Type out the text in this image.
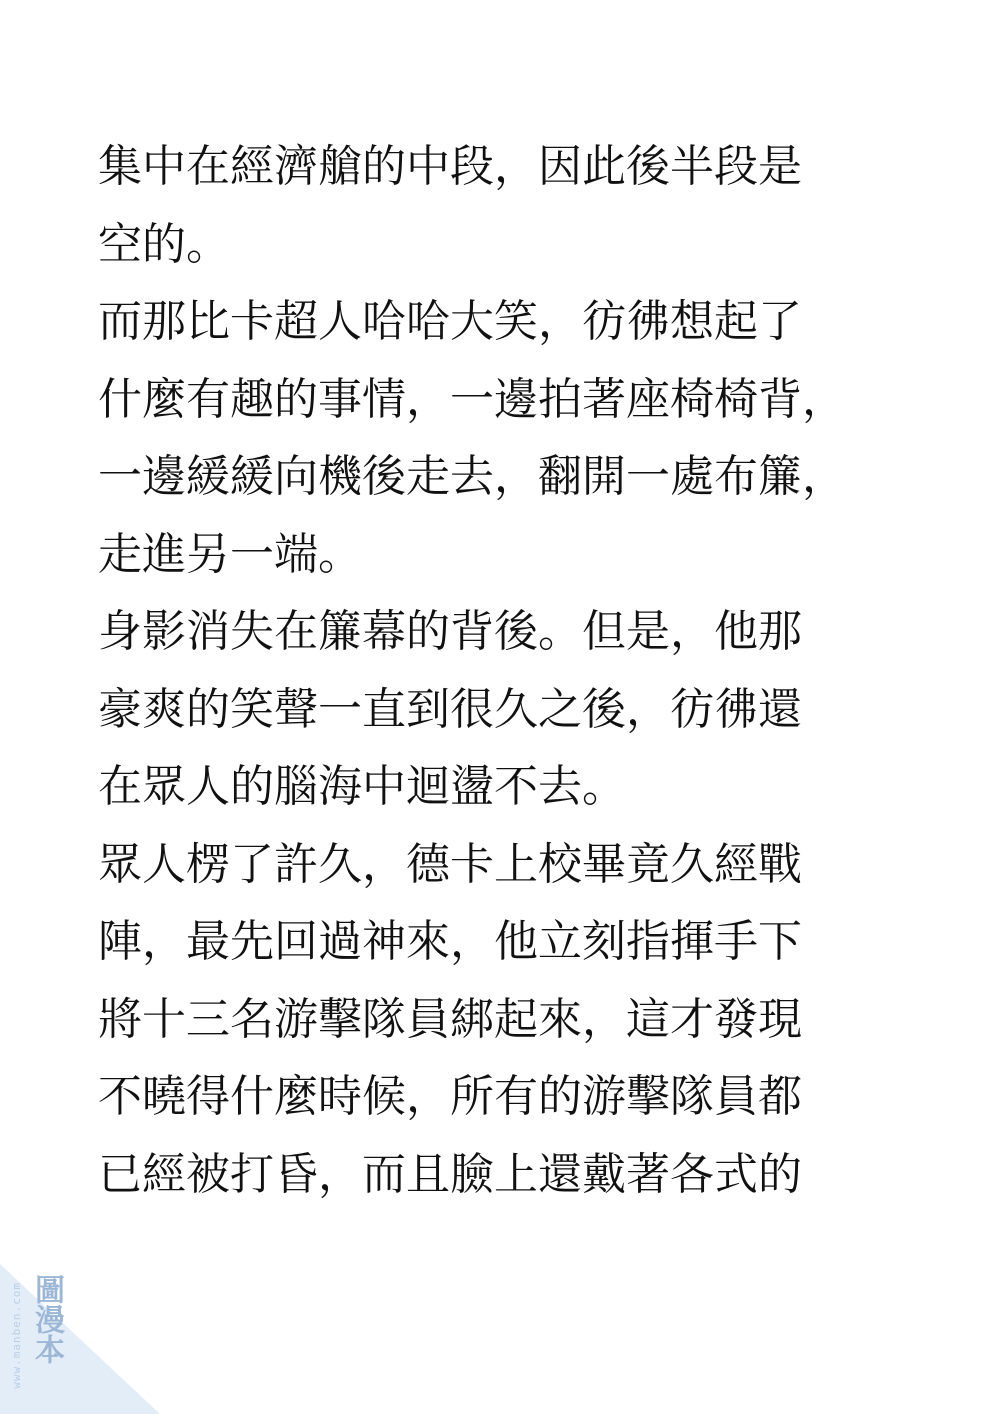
集中在經濟艙的中段，因此後半段是
空的。
而那比卡超人哈哈大笑，彷彿想起了
什麼有趣的事情，一邊拍著座椅椅背，
一邊緩緩向機後走去，翻開一處布簾，
走進另一端。
身影消失在簾幕的背後。但是，他那
豪爽的笑聲一直到很久之後，彷彿還
在眾人的腦海中迴盪不去。
眾人楞了許久，德卡上校畢竟久經戰
陣，最先回過神來，他立刻指揮手下
將十三名游擊隊員綁起來，這才發現
不曉得什麼時候，所有的游擊隊員都
已經被打昏，而且臉上還戴著各式的
www.manben.com 圖漫本
